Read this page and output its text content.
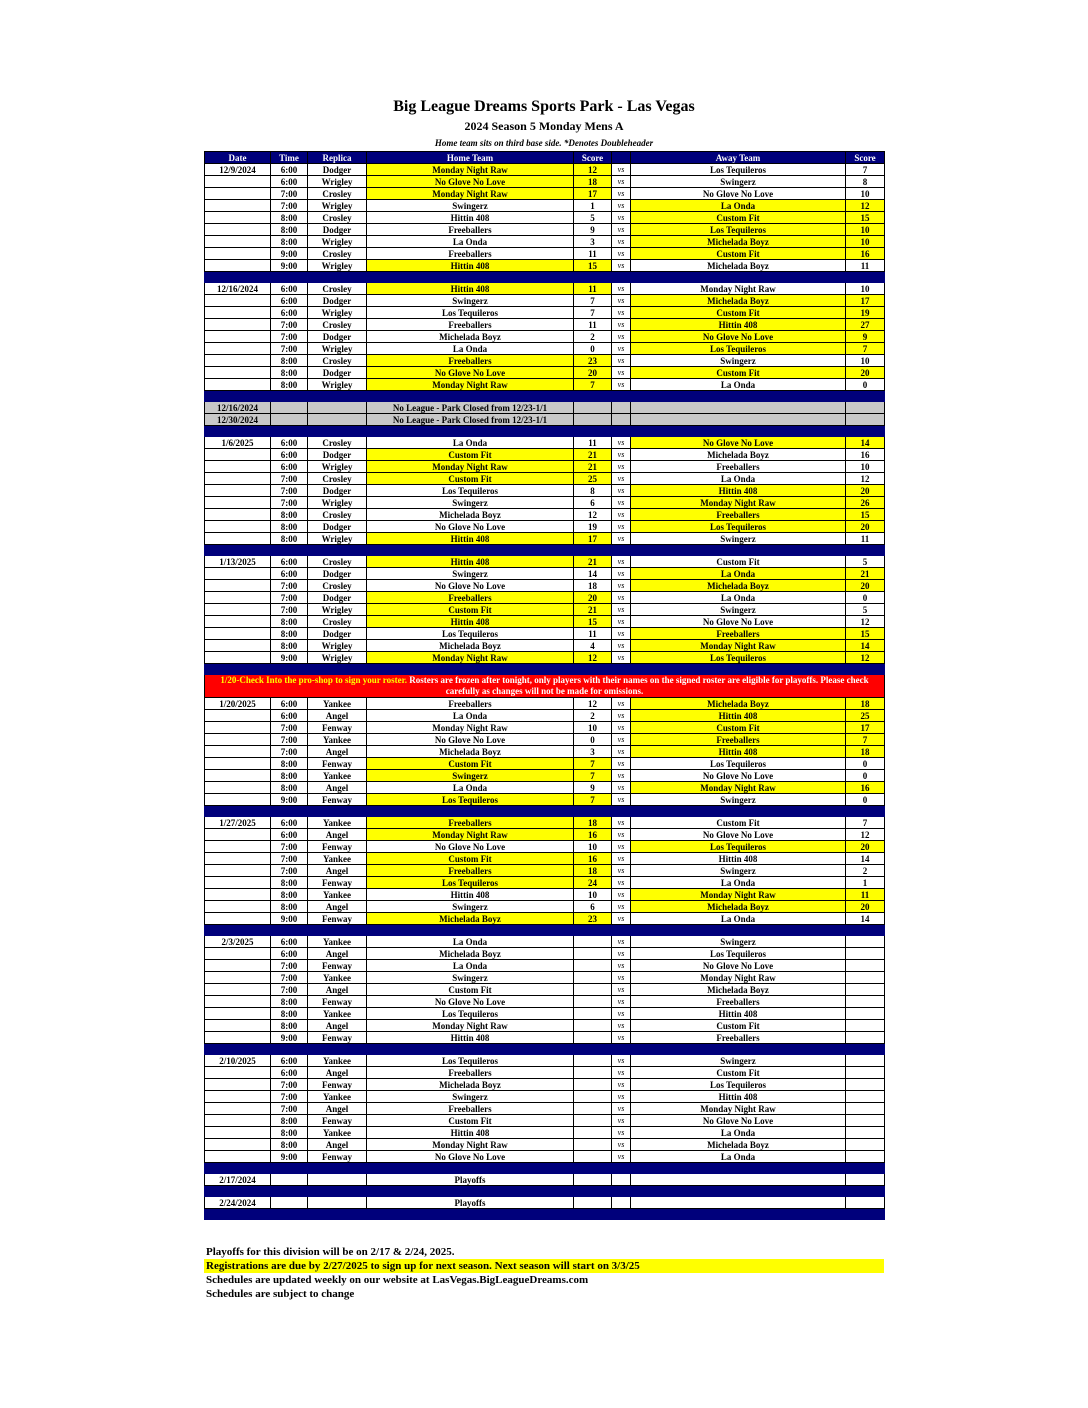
Big League Dreams Sports Park - Las Vegas
2024 Season 5 Monday Mens A
Home team sits on third base side. *Denotes Doubleheader
Date	Time	Replica	Home Team	Score		Away Team	Score
12/9/2024	6:00	Dodger	Monday Night Raw	12	vs	Los Tequileros	7
	6:00	Wrigley	No Glove No Love	18	vs	Swingerz	8
	7:00	Crosley	Monday Night Raw	17	vs	No Glove No Love	10
	7:00	Wrigley	Swingerz	1	vs	La Onda	12
	8:00	Crosley	Hittin 408	5	vs	Custom Fit	15
	8:00	Dodger	Freeballers	9	vs	Los Tequileros	10
	8:00	Wrigley	La Onda	3	vs	Michelada Boyz	10
	9:00	Crosley	Freeballers	11	vs	Custom Fit	16
	9:00	Wrigley	Hittin 408	15	vs	Michelada Boyz	11

12/16/2024	6:00	Crosley	Hittin 408	11	vs	Monday Night Raw	10
	6:00	Dodger	Swingerz	7	vs	Michelada Boyz	17
	6:00	Wrigley	Los Tequileros	7	vs	Custom Fit	19
	7:00	Crosley	Freeballers	11	vs	Hittin 408	27
	7:00	Dodger	Michelada Boyz	2	vs	No Glove No Love	9
	7:00	Wrigley	La Onda	0	vs	Los Tequileros	7
	8:00	Crosley	Freeballers	23	vs	Swingerz	10
	8:00	Dodger	No Glove No Love	20	vs	Custom Fit	20
	8:00	Wrigley	Monday Night Raw	7	vs	La Onda	0

12/16/2024			No League - Park Closed from 12/23-1/1				
12/30/2024			No League - Park Closed from 12/23-1/1				

1/6/2025	6:00	Crosley	La Onda	11	vs	No Glove No Love	14
	6:00	Dodger	Custom Fit	21	vs	Michelada Boyz	16
	6:00	Wrigley	Monday Night Raw	21	vs	Freeballers	10
	7:00	Crosley	Custom Fit	25	vs	La Onda	12
	7:00	Dodger	Los Tequileros	8	vs	Hittin 408	20
	7:00	Wrigley	Swingerz	6	vs	Monday Night Raw	26
	8:00	Crosley	Michelada Boyz	12	vs	Freeballers	15
	8:00	Dodger	No Glove No Love	19	vs	Los Tequileros	20
	8:00	Wrigley	Hittin 408	17	vs	Swingerz	11

1/13/2025	6:00	Crosley	Hittin 408	21	vs	Custom Fit	5
	6:00	Dodger	Swingerz	14	vs	La Onda	21
	7:00	Crosley	No Glove No Love	18	vs	Michelada Boyz	20
	7:00	Dodger	Freeballers	20	vs	La Onda	0
	7:00	Wrigley	Custom Fit	21	vs	Swingerz	5
	8:00	Crosley	Hittin 408	15	vs	No Glove No Love	12
	8:00	Dodger	Los Tequileros	11	vs	Freeballers	15
	8:00	Wrigley	Michelada Boyz	4	vs	Monday Night Raw	14
	9:00	Wrigley	Monday Night Raw	12	vs	Los Tequileros	12

1/20-Check Into the pro-shop to sign your roster. Rosters are frozen after tonight, only players with their names on the signed roster are eligible for playoffs. Please check carefully as changes will not be made for omissions.							
1/20/2025	6:00	Yankee	Freeballers	12	vs	Michelada Boyz	18
	6:00	Angel	La Onda	2	vs	Hittin 408	25
	7:00	Fenway	Monday Night Raw	10	vs	Custom Fit	17
	7:00	Yankee	No Glove No Love	0	vs	Freeballers	7
	7:00	Angel	Michelada Boyz	3	vs	Hittin 408	18
	8:00	Fenway	Custom Fit	7	vs	Los Tequileros	0
	8:00	Yankee	Swingerz	7	vs	No Glove No Love	0
	8:00	Angel	La Onda	9	vs	Monday Night Raw	16
	9:00	Fenway	Los Tequileros	7	vs	Swingerz	0

1/27/2025	6:00	Yankee	Freeballers	18	vs	Custom Fit	7
	6:00	Angel	Monday Night Raw	16	vs	No Glove No Love	12
	7:00	Fenway	No Glove No Love	10	vs	Los Tequileros	20
	7:00	Yankee	Custom Fit	16	vs	Hittin 408	14
	7:00	Angel	Freeballers	18	vs	Swingerz	2
	8:00	Fenway	Los Tequileros	24	vs	La Onda	1
	8:00	Yankee	Hittin 408	10	vs	Monday Night Raw	11
	8:00	Angel	Swingerz	6	vs	Michelada Boyz	20
	9:00	Fenway	Michelada Boyz	23	vs	La Onda	14

2/3/2025	6:00	Yankee	La Onda		vs	Swingerz	
	6:00	Angel	Michelada Boyz		vs	Los Tequileros	
	7:00	Fenway	La Onda		vs	No Glove No Love	
	7:00	Yankee	Swingerz		vs	Monday Night Raw	
	7:00	Angel	Custom Fit		vs	Michelada Boyz	
	8:00	Fenway	No Glove No Love		vs	Freeballers	
	8:00	Yankee	Los Tequileros		vs	Hittin 408	
	8:00	Angel	Monday Night Raw		vs	Custom Fit	
	9:00	Fenway	Hittin 408		vs	Freeballers	

2/10/2025	6:00	Yankee	Los Tequileros		vs	Swingerz	
	6:00	Angel	Freeballers		vs	Custom Fit	
	7:00	Fenway	Michelada Boyz		vs	Los Tequileros	
	7:00	Yankee	Swingerz		vs	Hittin 408	
	7:00	Angel	Freeballers		vs	Monday Night Raw	
	8:00	Fenway	Custom Fit		vs	No Glove No Love	
	8:00	Yankee	Hittin 408		vs	La Onda	
	8:00	Angel	Monday Night Raw		vs	Michelada Boyz	
	9:00	Fenway	No Glove No Love		vs	La Onda	

2/17/2024			Playoffs				

2/24/2024			Playoffs				

Playoffs for this division will be on 2/17 & 2/24, 2025.
Registrations are due by 2/27/2025 to sign up for next season. Next season will start on 3/3/25
Schedules are updated weekly on our website at LasVegas.BigLeagueDreams.com
Schedules are subject to change
